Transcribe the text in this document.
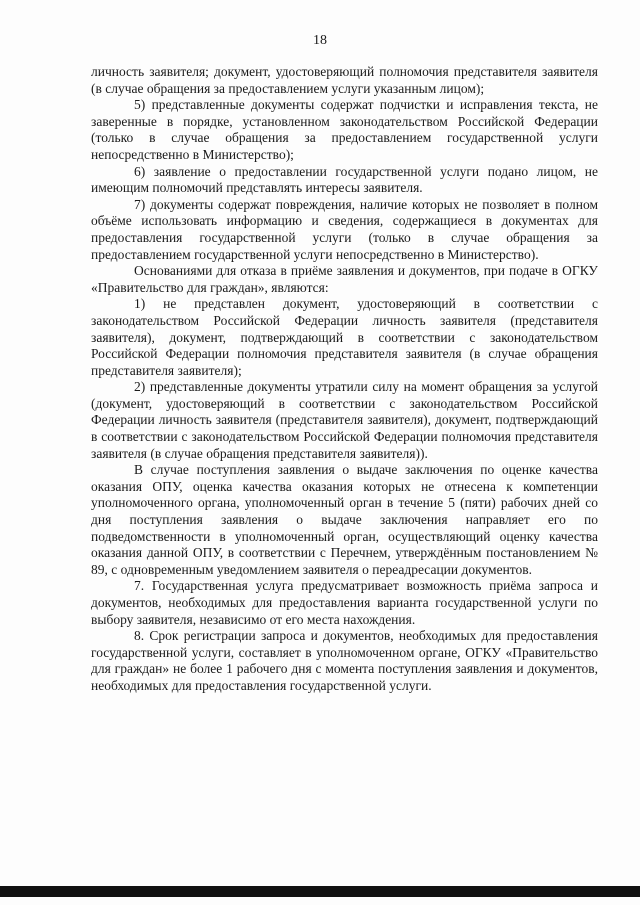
18

личность заявителя; документ, удостоверяющий полномочия представителя заявителя (в случае обращения за предоставлением услуги указанным лицом);

5) представленные документы содержат подчистки и исправления текста, не заверенные в порядке, установленном законодательством Российской Федерации (только в случае обращения за предоставлением государственной услуги непосредственно в Министерство);

6) заявление о предоставлении государственной услуги подано лицом, не имеющим полномочий представлять интересы заявителя.

7) документы содержат повреждения, наличие которых не позволяет в полном объёме использовать информацию и сведения, содержащиеся в документах для предоставления государственной услуги (только в случае обращения за предоставлением государственной услуги непосредственно в Министерство).

Основаниями для отказа в приёме заявления и документов, при подаче в ОГКУ «Правительство для граждан», являются:

1) не представлен документ, удостоверяющий в соответствии с законодательством Российской Федерации личность заявителя (представителя заявителя), документ, подтверждающий в соответствии с законодательством Российской Федерации полномочия представителя заявителя (в случае обращения представителя заявителя);

2) представленные документы утратили силу на момент обращения за услугой (документ, удостоверяющий в соответствии с законодательством Российской Федерации личность заявителя (представителя заявителя), документ, подтверждающий в соответствии с законодательством Российской Федерации полномочия представителя заявителя (в случае обращения представителя заявителя)).

В случае поступления заявления о выдаче заключения по оценке качества оказания ОПУ, оценка качества оказания которых не отнесена к компетенции уполномоченного органа, уполномоченный орган в течение 5 (пяти) рабочих дней со дня поступления заявления о выдаче заключения направляет его по подведомственности в уполномоченный орган, осуществляющий оценку качества оказания данной ОПУ, в соответствии с Перечнем, утверждённым постановлением № 89, с одновременным уведомлением заявителя о переадресации документов.

7. Государственная услуга предусматривает возможность приёма запроса и документов, необходимых для предоставления варианта государственной услуги по выбору заявителя, независимо от его места нахождения.

8. Срок регистрации запроса и документов, необходимых для предоставления государственной услуги, составляет в уполномоченном органе, ОГКУ «Правительство для граждан» не более 1 рабочего дня с момента поступления заявления и документов, необходимых для предоставления государственной услуги.
